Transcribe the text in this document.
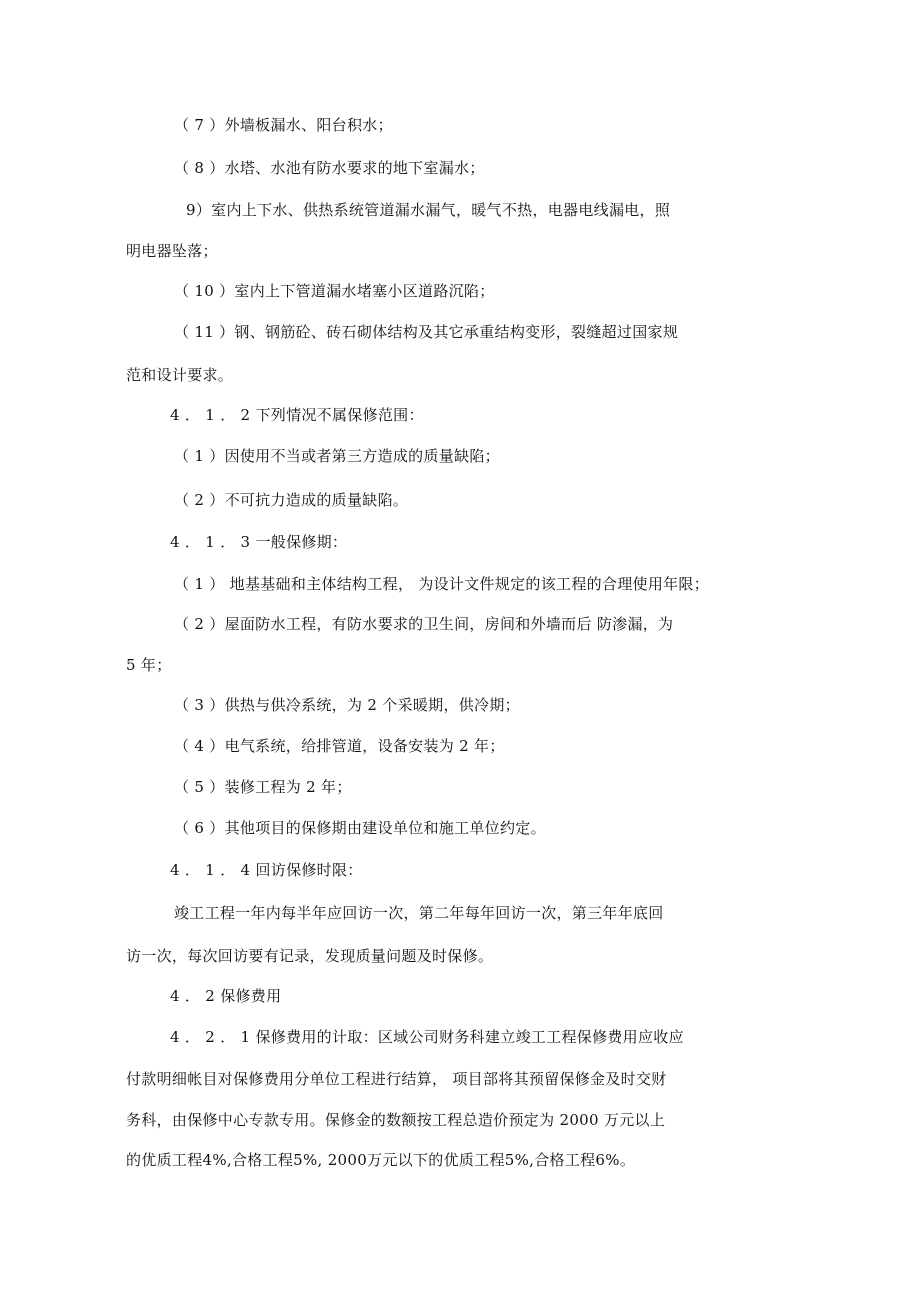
（ 7 ）外墙板漏水、阳台积水；
（ 8 ）水塔、水池有防水要求的地下室漏水；
9）室内上下水、供热系统管道漏水漏气，暖气不热，电器电线漏电，照
明电器坠落；
（ 10 ）室内上下管道漏水堵塞小区道路沉陷；
（ 11 ）钢、钢筋砼、砖石砌体结构及其它承重结构变形，裂缝超过国家规
范和设计要求。
4 ． 1 ． 2 下列情况不属保修范围：
（ 1 ）因使用不当或者第三方造成的质量缺陷；
（ 2 ）不可抗力造成的质量缺陷。
4 ． 1 ． 3 一般保修期：
（ 1 ） 地基基础和主体结构工程， 为设计文件规定的该工程的合理使用年限；
（ 2 ）屋面防水工程，有防水要求的卫生间，房间和外墙而后 防渗漏，为
5 年；
（ 3 ）供热与供冷系统，为 2 个采暖期，供冷期；
（ 4 ）电气系统，给排管道，设备安装为 2 年；
（ 5 ）装修工程为 2 年；
（ 6 ）其他项目的保修期由建设单位和施工单位约定。
4 ． 1 ． 4 回访保修时限：
竣工工程一年内每半年应回访一次，第二年每年回访一次，第三年年底回
访一次，每次回访要有记录，发现质量问题及时保修。
4 ． 2 保修费用
4 ． 2 ． 1 保修费用的计取：区域公司财务科建立竣工工程保修费用应收应
付款明细帐目对保修费用分单位工程进行结算， 项目部将其预留保修金及时交财
务科，由保修中心专款专用。保修金的数额按工程总造价预定为 2000 万元以上
的优质工程4%,合格工程5%, 2000万元以下的优质工程5%,合格工程6%。
